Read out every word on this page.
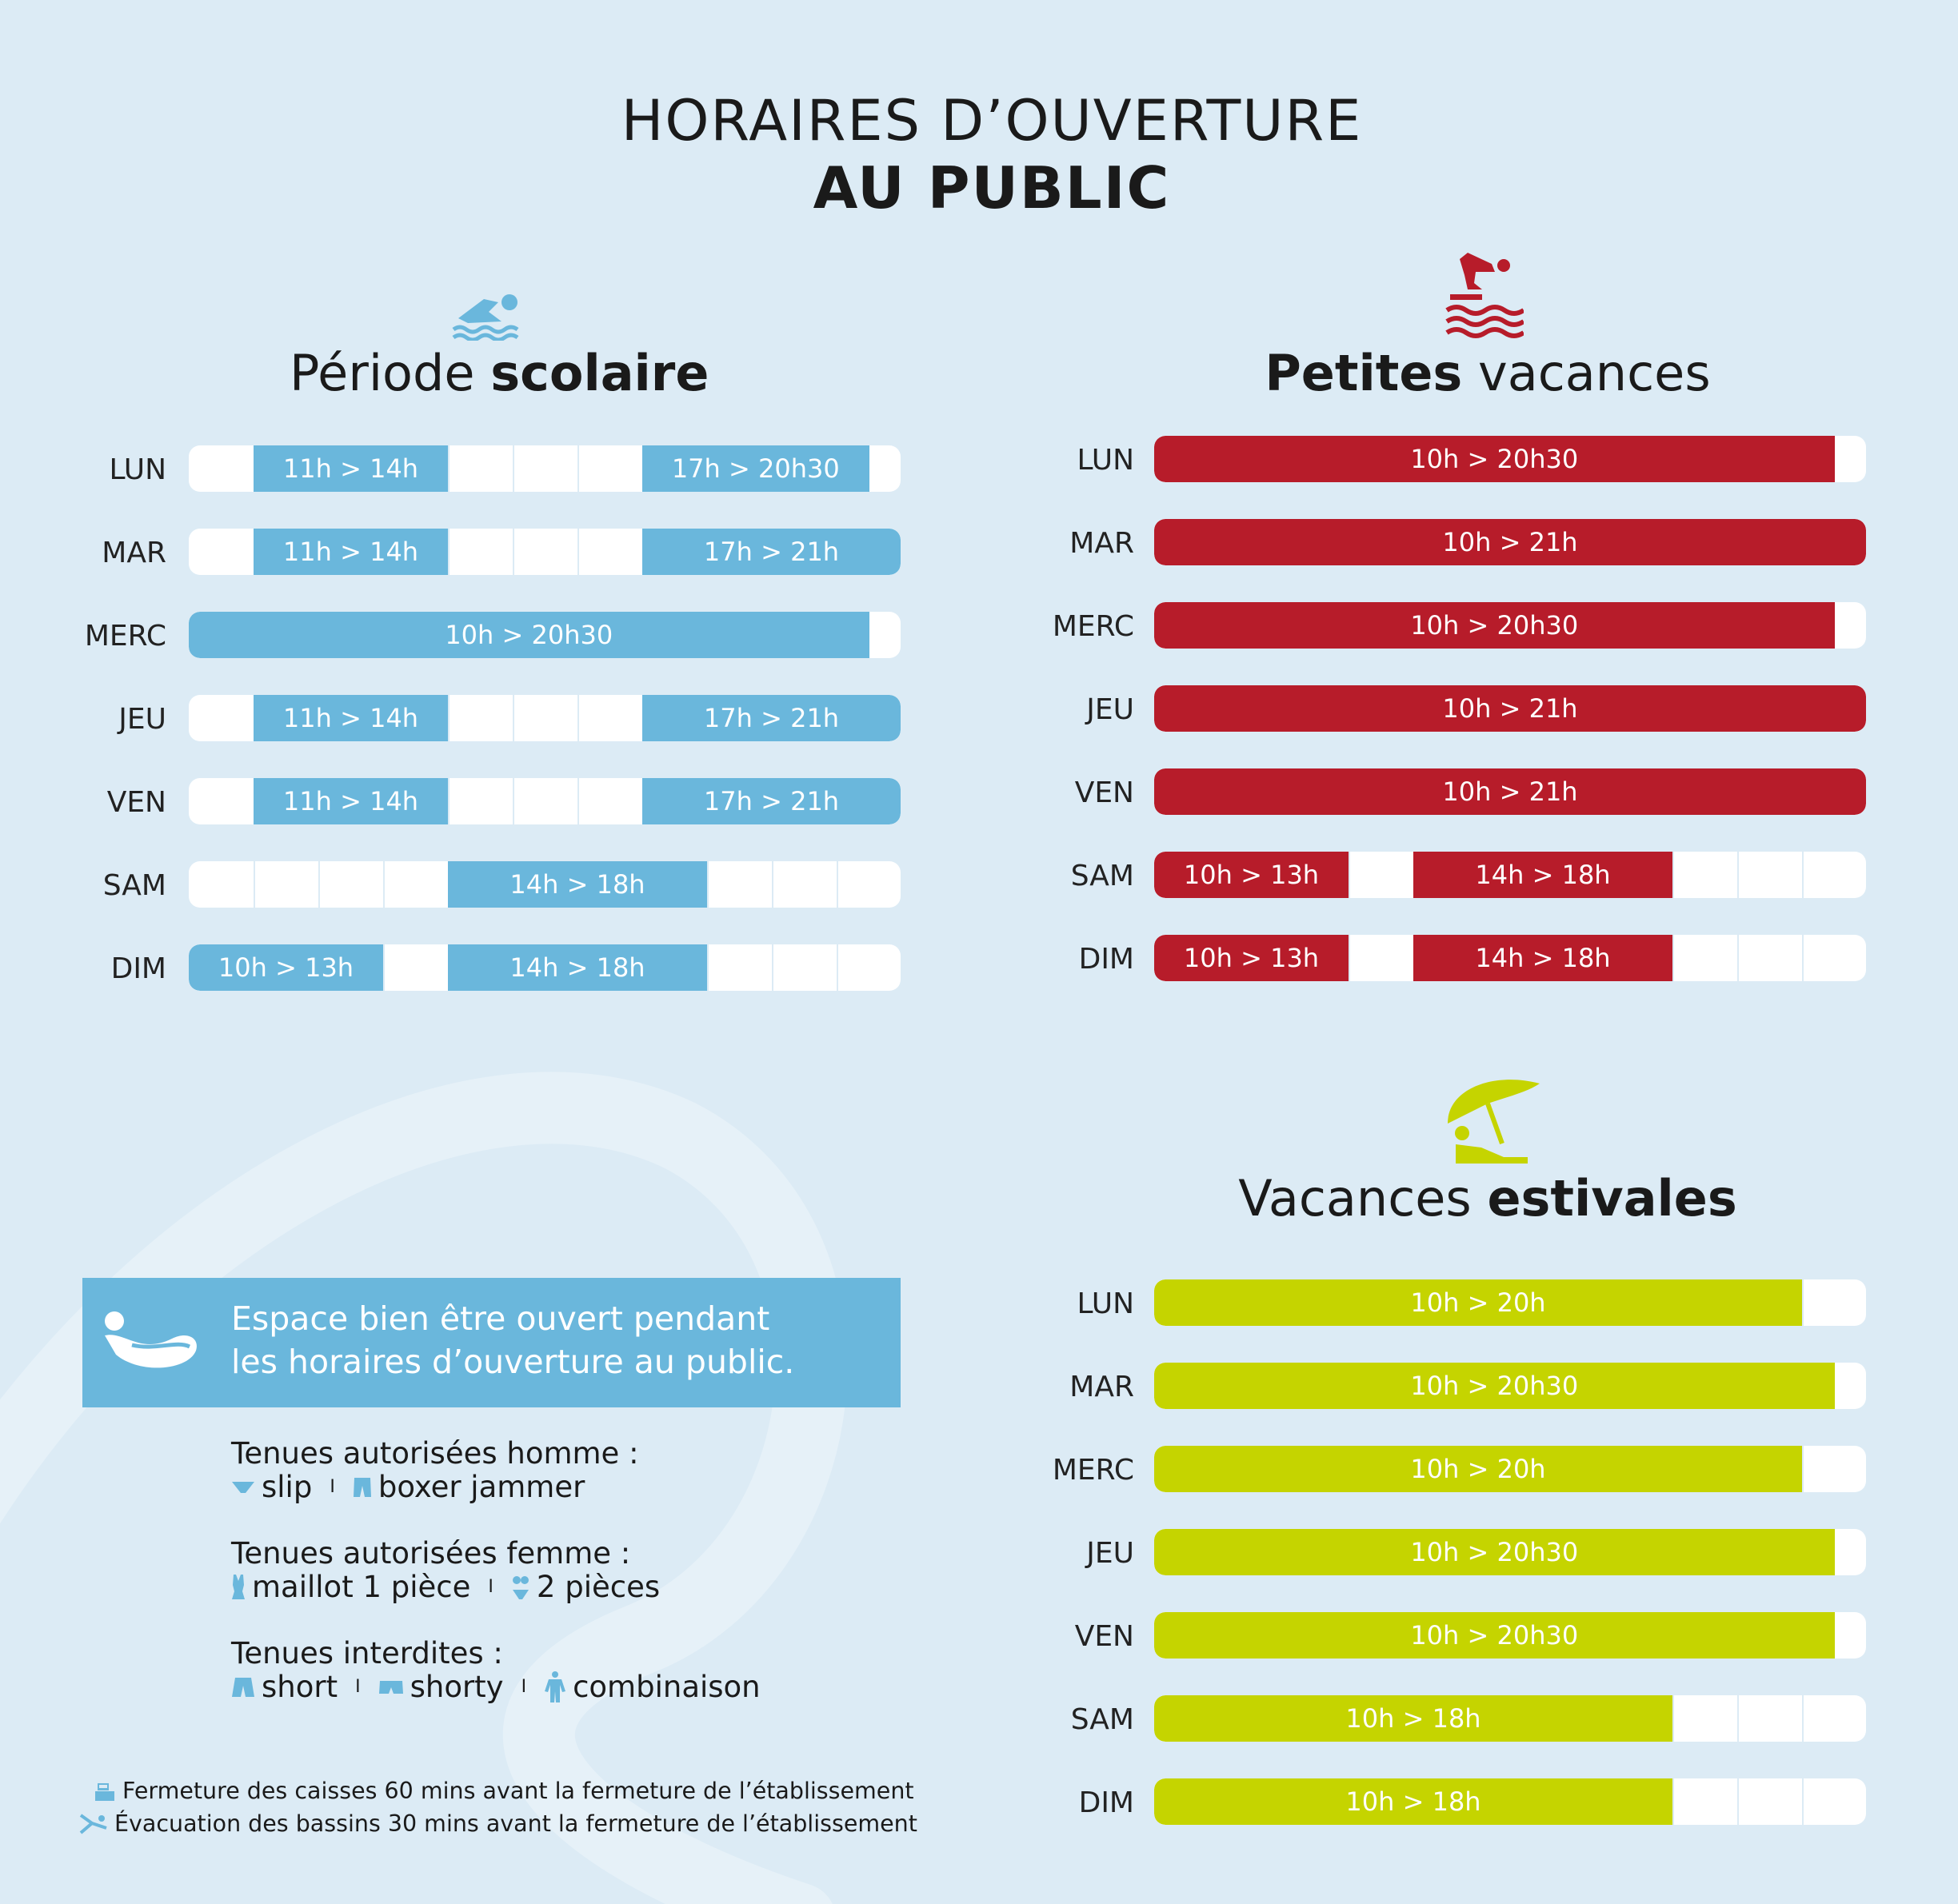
HORAIRES D’OUVERTURE
AU PUBLIC
Période scolaire
LUN	11h > 14h	17h > 20h30
MAR	11h > 14h	17h > 21h
MERC	10h > 20h30
JEU	11h > 14h	17h > 21h
VEN	11h > 14h	17h > 21h
SAM	14h > 18h
DIM	10h > 13h	14h > 18h
Petites vacances
LUN	10h > 20h30
MAR	10h > 21h
MERC	10h > 20h30
JEU	10h > 21h
VEN	10h > 21h
SAM	10h > 13h	14h > 18h
DIM	10h > 13h	14h > 18h
Vacances estivales
LUN	10h > 20h
MAR	10h > 20h30
MERC	10h > 20h
JEU	10h > 20h30
VEN	10h > 20h30
SAM	10h > 18h
DIM	10h > 18h
Espace bien être ouvert pendant
les horaires d’ouverture au public.
Tenues autorisées homme :
slip I boxer jammer
Tenues autorisées femme :
maillot 1 pièce I 2 pièces
Tenues interdites :
short I shorty I combinaison
Fermeture des caisses 60 mins avant la fermeture de l’établissement
Évacuation des bassins 30 mins avant la fermeture de l’établissement
